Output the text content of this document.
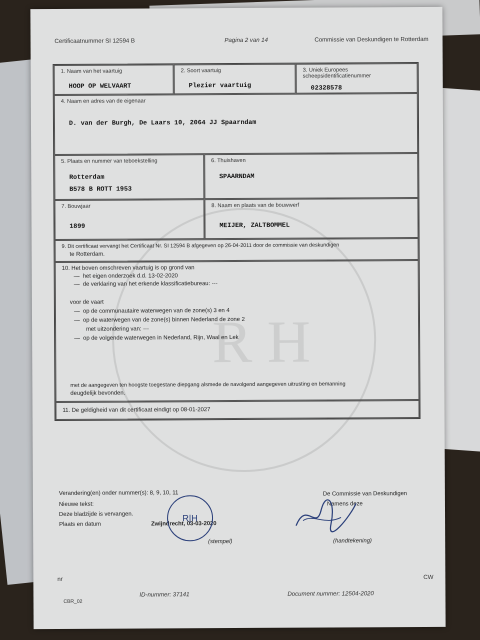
R H
Certificaatnummer SI 12594 B	Pagina 2 van 14	Commissie van Deskundigen te Rotterdam
1. Naam van het vaartuig
HOOP OP WELVAART
2. Soort vaartuig
Plezier vaartuig
3. Uniek Europees scheepsidentificatienummer
02328578
4. Naam en adres van de eigenaar
D. van der Burgh, De Laars 10, 2064 JJ Spaarndam
5. Plaats en nummer van teboekstelling
Rotterdam
B578 B ROTT 1953
6. Thuishaven
SPAARNDAM
7. Bouwjaar
1899
8. Naam en plaats van de bouwwerf
MEIJER, ZALTBOMMEL
9. Dit certificaat vervangt het Certificaat Nr. SI 12594 B afgegeven op 26-04-2011 door de commissie van deskundigen
te Rotterdam.
10. Het boven omschreven vaartuig is op grond van
—  het eigen onderzoek d.d. 13-02-2020
—  de verklaring van het erkende klassificatiebureau: ---
voor de vaart
—  op de communautaire waterwegen van de zone(s) 3 en 4
—  op de waterwegen van de zone(s) binnen Nederland de zone 2
met uitzondering van: ---
—  op de volgende waterwegen in Nederland, Rijn, Waal en Lek
met de aangegeven ten hoogste toegestane diepgang alsmede de navolgend aangegeven uitrusting en bemanning
deugdelijk bevonden.
11. De geldigheid van dit certificaat eindigt op 08-01-2027
Verandering(en) onder nummer(s): 8, 9, 10, 11
Nieuwe tekst:
Deze bladzijde is vervangen.
Plaats en datum	Zwijndrecht, 03-03-2020
(stempel)
R|H
De Commissie van Deskundigen
Namens deze
(handtekening)
nr	CW
CBR_02
ID-nummer: 37141	Document nummer: 12504-2020
